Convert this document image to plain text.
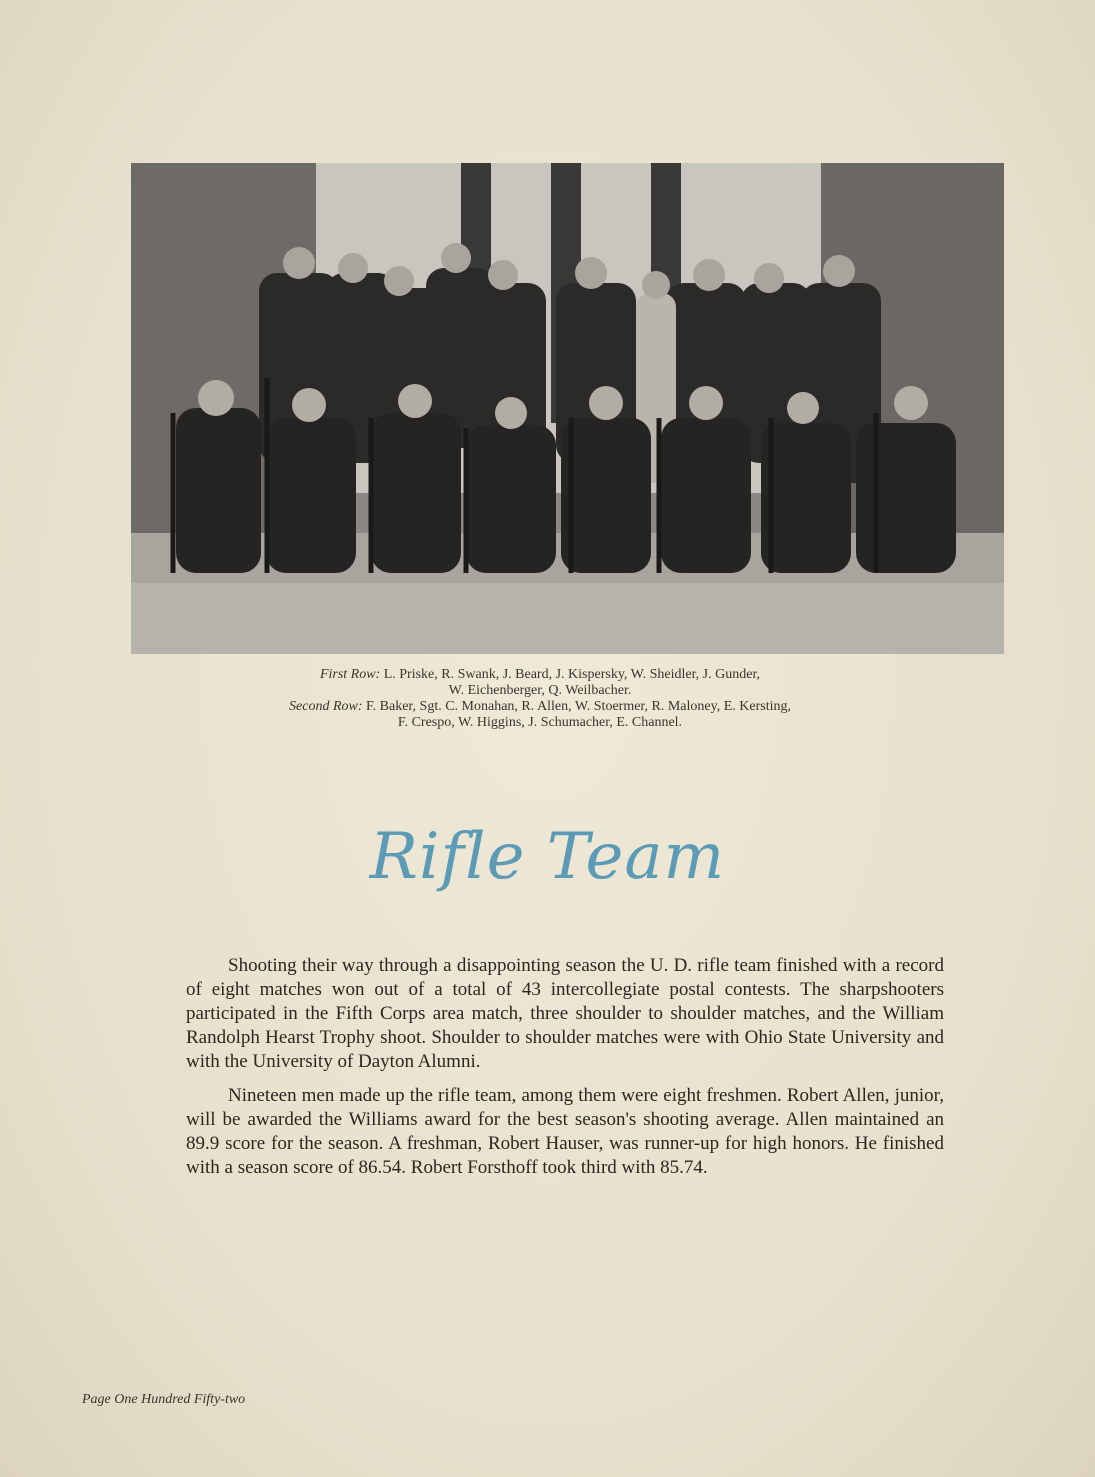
First Row: L. Priske, R. Swank, J. Beard, J. Kispersky, W. Sheidler, J. Gunder,
W. Eichenberger, Q. Weilbacher.
Second Row: F. Baker, Sgt. C. Monahan, R. Allen, W. Stoermer, R. Maloney, E. Kersting,
F. Crespo, W. Higgins, J. Schumacher, E. Channel.
Rifle Team

Shooting their way through a disappointing season the U. D. rifle team finished with a record of eight matches won out of a total of 43 intercollegiate postal contests. The sharpshooters participated in the Fifth Corps area match, three shoulder to shoulder matches, and the William Randolph Hearst Trophy shoot. Shoulder to shoulder matches were with Ohio State University and with the University of Dayton Alumni.

Nineteen men made up the rifle team, among them were eight freshmen. Robert Allen, junior, will be awarded the Williams award for the best season's shooting average. Allen maintained an 89.9 score for the season. A freshman, Robert Hauser, was runner-up for high honors. He finished with a season score of 86.54. Robert Forsthoff took third with 85.74.

Page One Hundred Fifty-two
